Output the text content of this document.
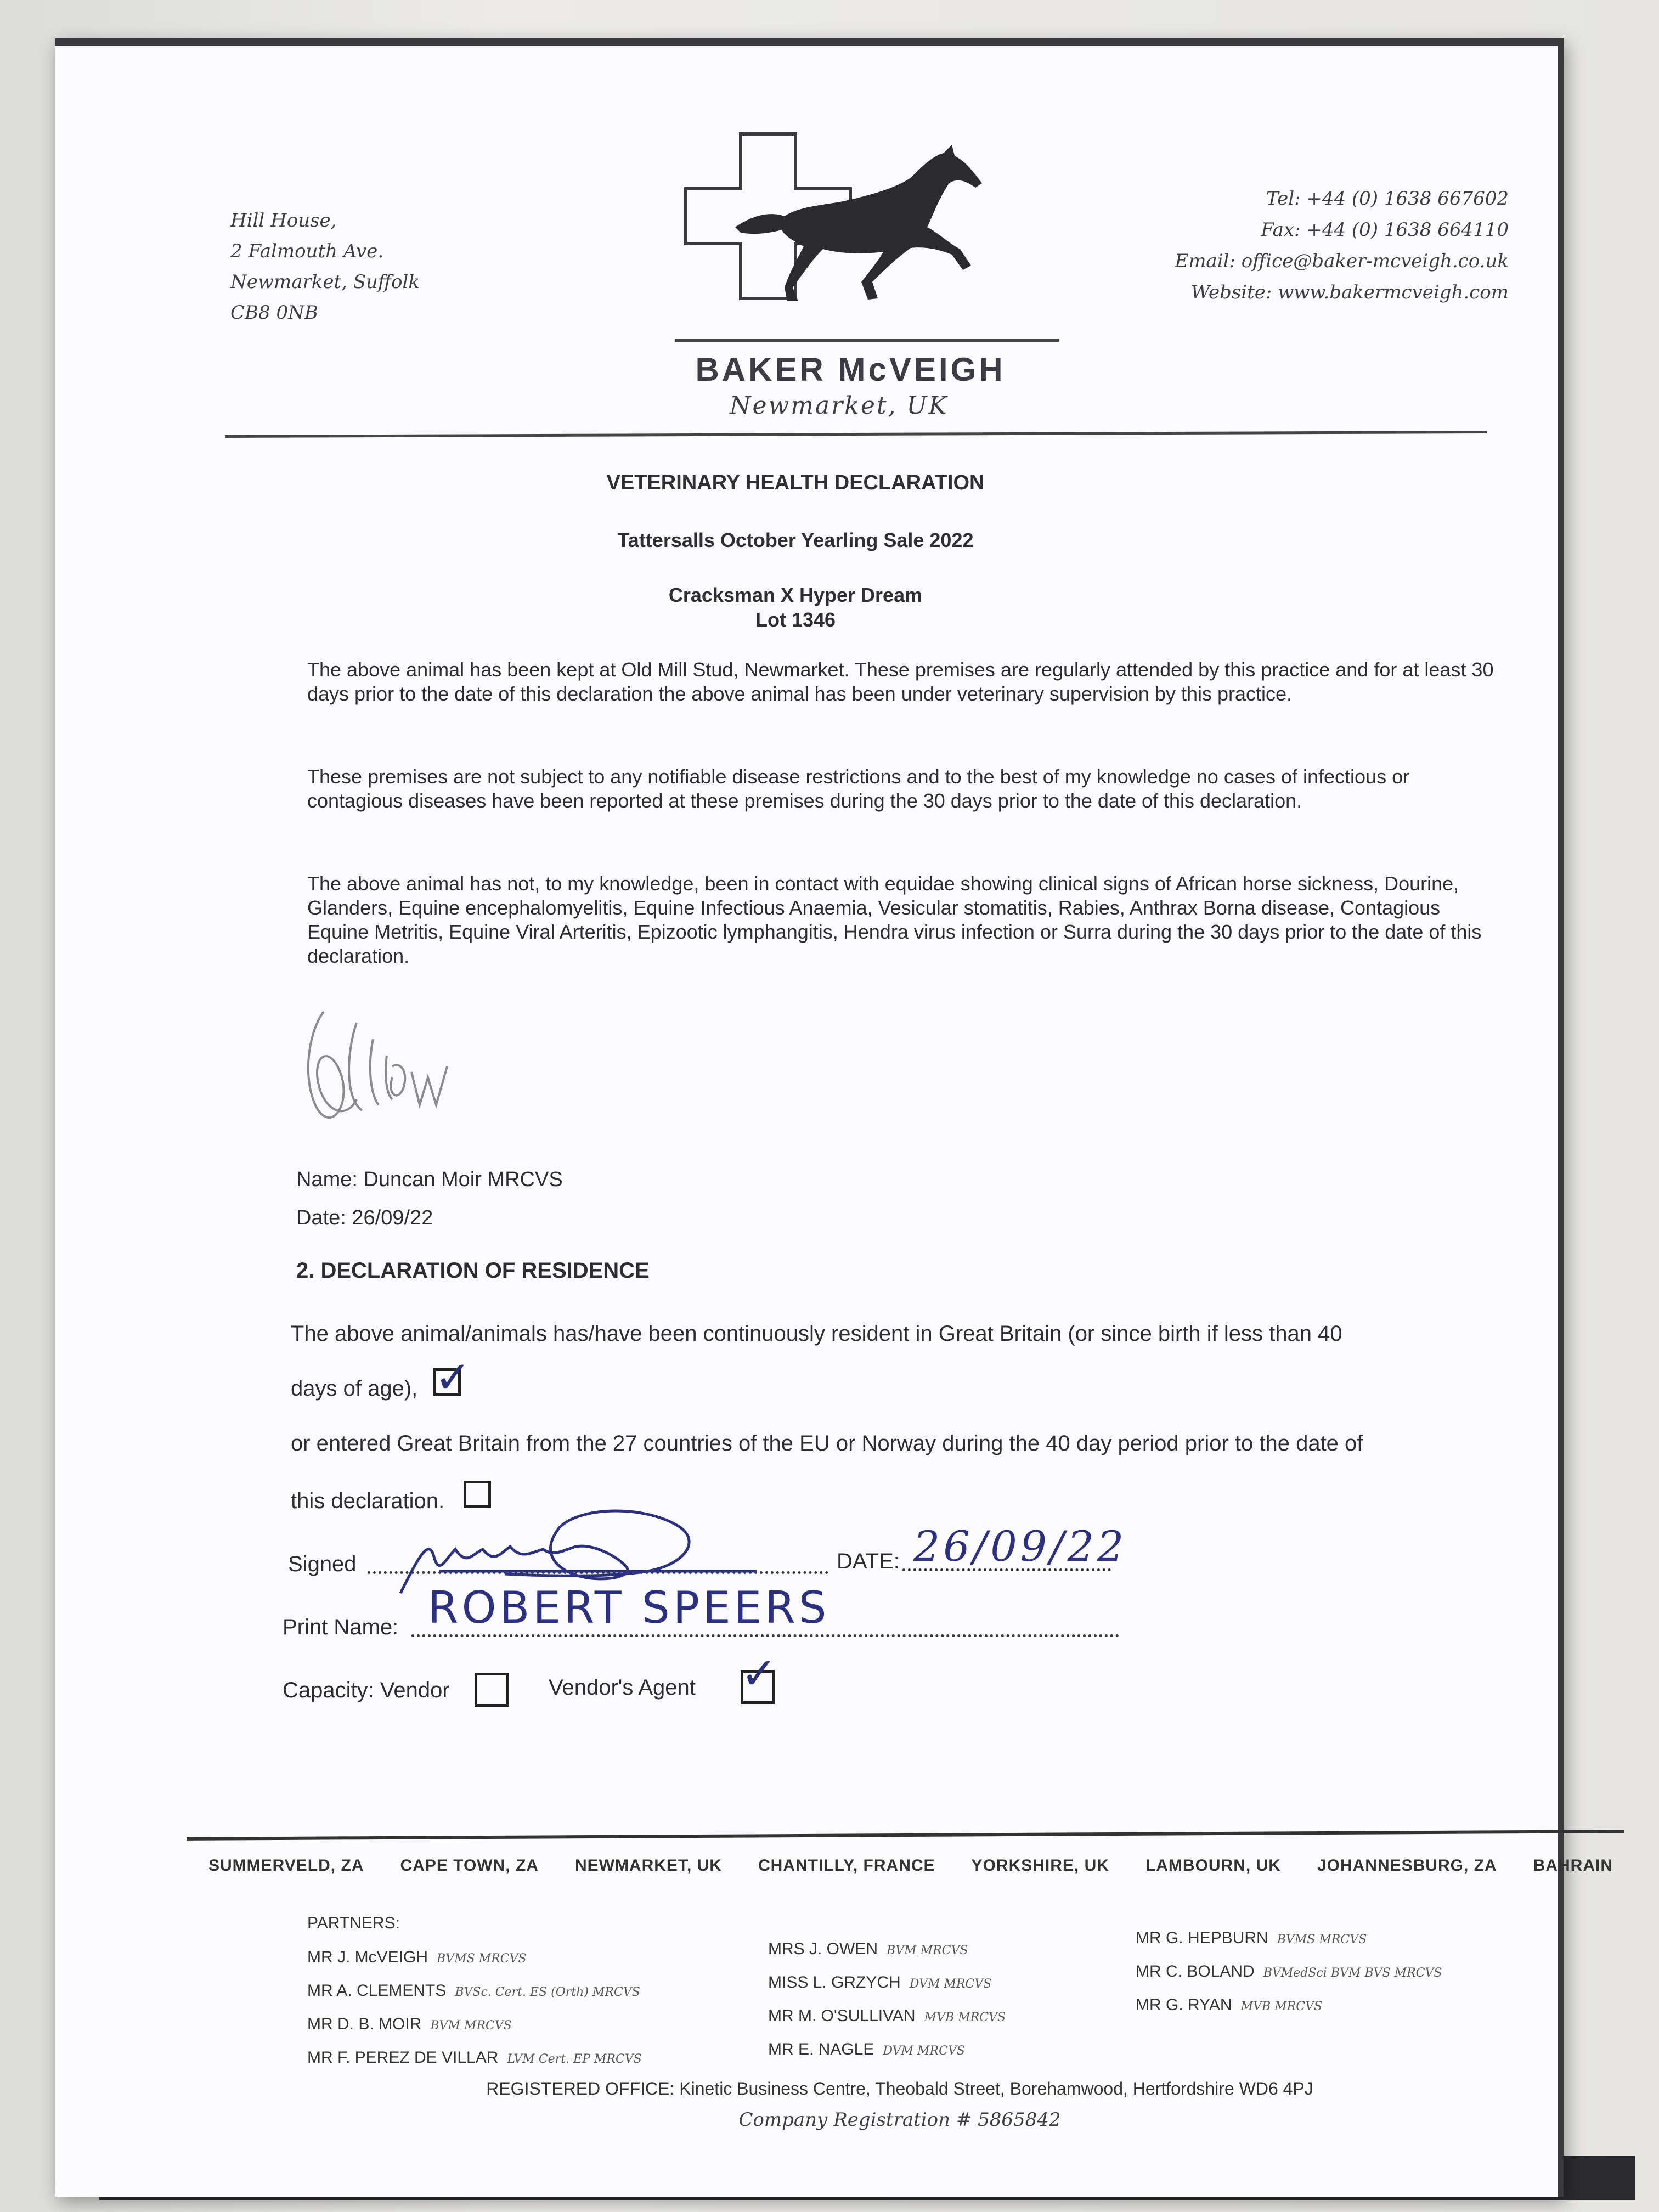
Hill House,
2 Falmouth Ave.
Newmarket, Suffolk
CB8 0NB
BAKER McVEIGH
Newmarket, UK
Tel: +44 (0) 1638 667602
Fax: +44 (0) 1638 664110
Email: office@baker-mcveigh.co.uk
Website: www.bakermcveigh.com
VETERINARY HEALTH DECLARATION
Tattersalls October Yearling Sale 2022
Cracksman X Hyper Dream
Lot 1346
The above animal has been kept at Old Mill Stud, Newmarket. These premises are regularly attended by this practice and for at least 30 days prior to the date of this declaration the above animal has been under veterinary supervision by this practice.
These premises are not subject to any notifiable disease restrictions and to the best of my knowledge no cases of infectious or contagious diseases have been reported at these premises during the 30 days prior to the date of this declaration.
The above animal has not, to my knowledge, been in contact with equidae showing clinical signs of African horse sickness, Dourine, Glanders, Equine encephalomyelitis, Equine Infectious Anaemia, Vesicular stomatitis, Rabies, Anthrax Borna disease, Contagious Equine Metritis, Equine Viral Arteritis, Epizootic lymphangitis, Hendra virus infection or Surra during the 30 days prior to the date of this declaration.
Name: Duncan Moir MRCVS
Date: 26/09/22
2. DECLARATION OF RESIDENCE
The above animal/animals has/have been continuously resident in Great Britain (or since birth if less than 40
days of age), ✓
or entered Great Britain from the 27 countries of the EU or Norway during the 40 day period prior to the date of
this declaration.
Signed	DATE: 26/09/22
Print Name: ROBERT SPEERS
Capacity: Vendor	Vendor's Agent ✓
SUMMERVELD, ZA CAPE TOWN, ZA NEWMARKET, UK CHANTILLY, FRANCE YORKSHIRE, UK LAMBOURN, UK JOHANNESBURG, ZA BAHRAIN
PARTNERS:
MR J. McVEIGH BVMS MRCVS
MR A. CLEMENTS BVSc. Cert. ES (Orth) MRCVS
MR D. B. MOIR BVM MRCVS
MR F. PEREZ DE VILLAR LVM Cert. EP MRCVS
MRS J. OWEN BVM MRCVS
MISS L. GRZYCH DVM MRCVS
MR M. O'SULLIVAN MVB MRCVS
MR E. NAGLE DVM MRCVS
MR G. HEPBURN BVMS MRCVS
MR C. BOLAND BVMedSci BVM BVS MRCVS
MR G. RYAN MVB MRCVS
REGISTERED OFFICE: Kinetic Business Centre, Theobald Street, Borehamwood, Hertfordshire WD6 4PJ
Company Registration # 5865842
